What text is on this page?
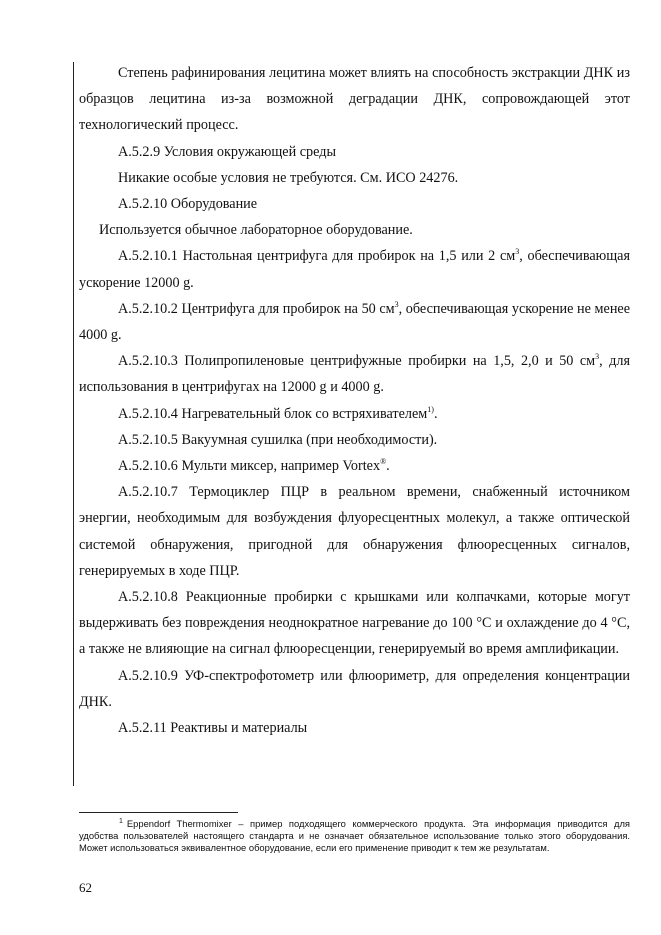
Степень рафинирования лецитина может влиять на способность экстракции ДНК из образцов лецитина из-за возможной деградации ДНК, сопровождающей этот технологический процесс.

А.5.2.9 Условия окружающей среды

Никакие особые условия не требуются. См. ИСО 24276.

А.5.2.10 Оборудование

Используется обычное лабораторное оборудование.

А.5.2.10.1 Настольная центрифуга для пробирок на 1,5 или 2 $см^3$, обеспечивающая ускорение 12000 g.

А.5.2.10.2 Центрифуга для пробирок на 50 $см^3$, обеспечивающая ускорение не менее 4000 g.

А.5.2.10.3 Полипропиленовые центрифужные пробирки на 1,5, 2,0 и 50 $см^3$, для использования в центрифугах на 12000 g и 4000 g.

А.5.2.10.4 Нагревательный блок со встряхивателем$^{1)}$.

А.5.2.10.5 Вакуумная сушилка (при необходимости).

А.5.2.10.6 Мульти миксер, например Vortex®.

А.5.2.10.7 Термоциклер ПЦР в реальном времени, снабженный источником энергии, необходимым для возбуждения флуоресцентных молекул, а также оптической системой обнаружения, пригодной для обнаружения флюоресценных сигналов, генерируемых в ходе ПЦР.

А.5.2.10.8 Реакционные пробирки с крышками или колпачками, которые могут выдерживать без повреждения неоднократное нагревание до 100 °С и охлаждение до 4 °С, а также не влияющие на сигнал флюоресценции, генерируемый во время амплификации.

А.5.2.10.9 УФ-спектрофотометр или флюориметр, для определения концентрации ДНК.

А.5.2.11 Реактивы и материалы

$^1$ Eppendorf Thermomixer – пример подходящего коммерческого продукта. Эта информация приводится для удобства пользователей настоящего стандарта и не означает обязательное использование только этого оборудования. Может использоваться эквивалентное оборудование, если его применение приводит к тем же результатам.
62
